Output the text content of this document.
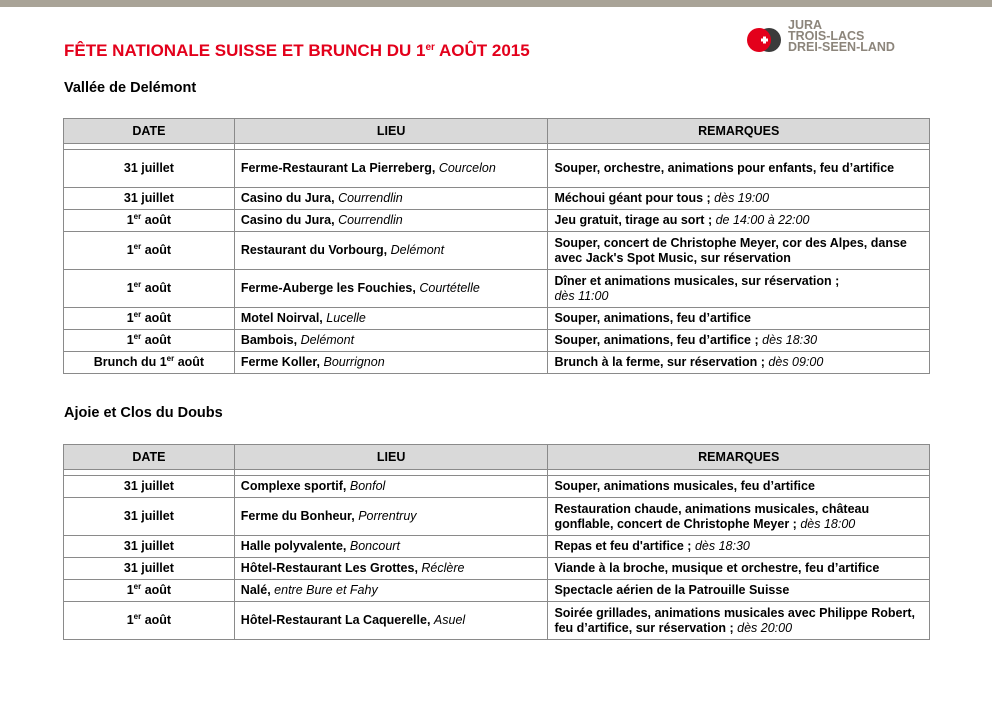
FÊTE NATIONALE SUISSE ET BRUNCH DU 1er AOÛT 2015
JURA
TROIS-LACS
DREI-SEEN-LAND
Vallée de Delémont
DATE	LIEU	REMARQUES

31 juillet	Ferme-Restaurant La Pierreberg, Courcelon	Souper, orchestre, animations pour enfants, feu d’artifice
31 juillet	Casino du Jura, Courrendlin	Méchoui géant pour tous ; dès 19:00
1er août	Casino du Jura, Courrendlin	Jeu gratuit, tirage au sort ; de 14:00 à 22:00
1er août	Restaurant du Vorbourg, Delémont	Souper, concert de Christophe Meyer, cor des Alpes, danse avec Jack's Spot Music, sur réservation
1er août	Ferme-Auberge les Fouchies, Courtételle	Dîner et animations musicales, sur réservation ;
dès 11:00
1er août	Motel Noirval, Lucelle	Souper, animations, feu d’artifice
1er août	Bambois, Delémont	Souper, animations, feu d’artifice ; dès 18:30
Brunch du 1er août	Ferme Koller, Bourrignon	Brunch à la ferme, sur réservation ; dès 09:00
Ajoie et Clos du Doubs
DATE	LIEU	REMARQUES

31 juillet	Complexe sportif, Bonfol	Souper, animations musicales, feu d’artifice
31 juillet	Ferme du Bonheur, Porrentruy	Restauration chaude, animations musicales, château gonflable, concert de Christophe Meyer ; dès 18:00
31 juillet	Halle polyvalente, Boncourt	Repas et feu d'artifice ; dès 18:30
31 juillet	Hôtel-Restaurant Les Grottes, Réclère	Viande à la broche, musique et orchestre, feu d’artifice
1er août	Nalé, entre Bure et Fahy	Spectacle aérien de la Patrouille Suisse
1er août	Hôtel-Restaurant La Caquerelle, Asuel	Soirée grillades, animations musicales avec Philippe Robert, feu d’artifice, sur réservation ; dès 20:00
